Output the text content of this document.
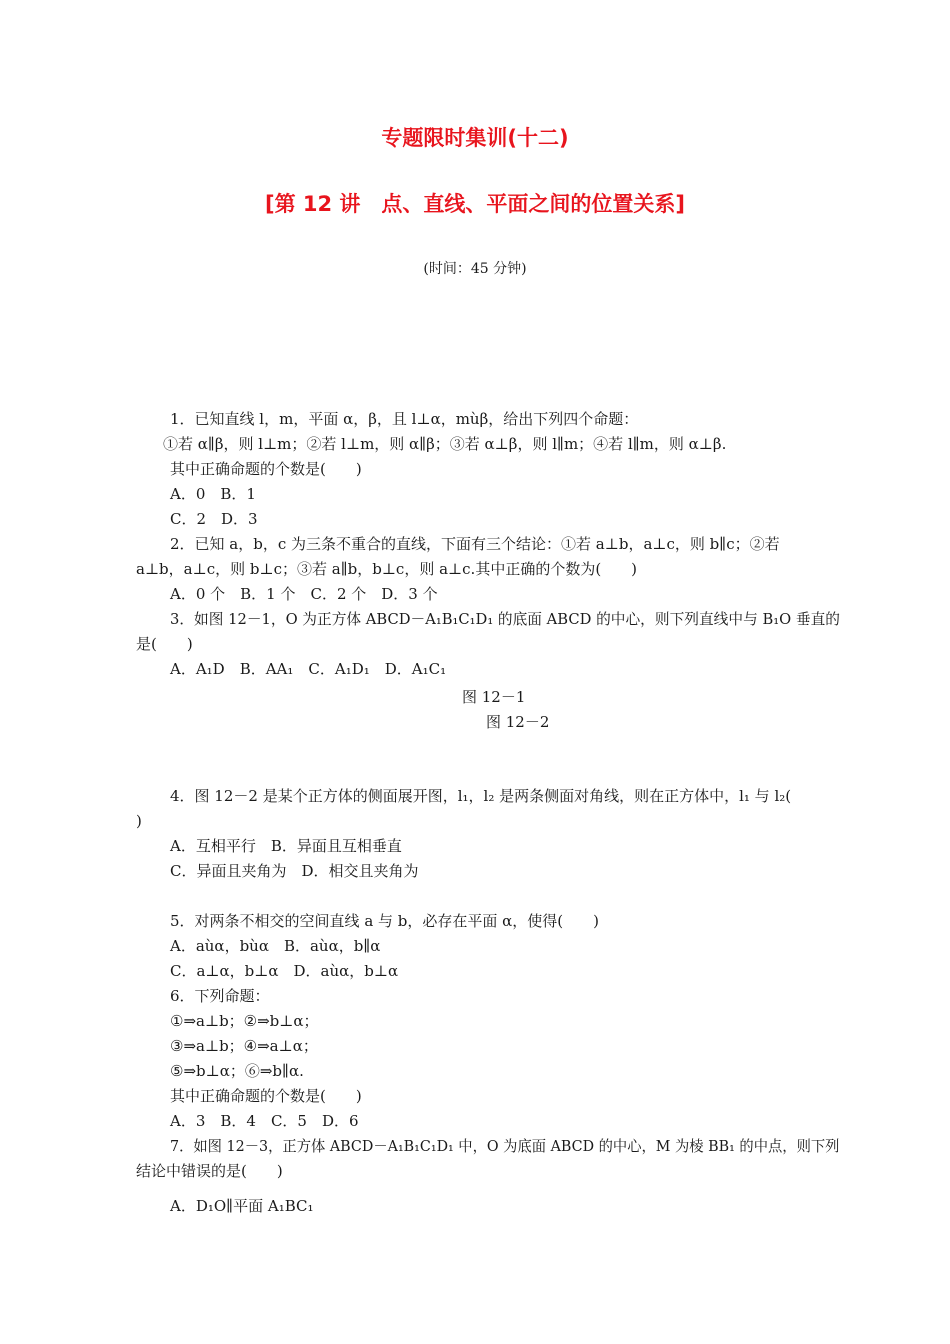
专题限时集训(十二)
[第 12 讲　点、直线、平面之间的位置关系]
(时间：45 分钟)
1．已知直线 l，m，平面 α，β，且 l⊥α，mùβ，给出下列四个命题：
①若 α∥β，则 l⊥m；②若 l⊥m，则 α∥β；③若 α⊥β，则 l∥m；④若 l∥m，则 α⊥β.
其中正确命题的个数是(　　)
A．0　B．1
C．2　D．3
2．已知 a，b，c 为三条不重合的直线，下面有三个结论：①若 a⊥b，a⊥c，则 b∥c；②若
a⊥b，a⊥c，则 b⊥c；③若 a∥b，b⊥c，则 a⊥c.其中正确的个数为(　　)
A．0 个　B．1 个　C．2 个　D．3 个
3．如图 12－1，O 为正方体 ABCD－A₁B₁C₁D₁ 的底面 ABCD 的中心，则下列直线中与 B₁O 垂直的
是(　　)
A．A₁D　B．AA₁　C．A₁D₁　D．A₁C₁
图 12－1
图 12－2
4．图 12－2 是某个正方体的侧面展开图，l₁，l₂ 是两条侧面对角线，则在正方体中，l₁ 与 l₂(
)
A．互相平行　B．异面且互相垂直
C．异面且夹角为　D．相交且夹角为
5．对两条不相交的空间直线 a 与 b，必存在平面 α，使得(　　)
A．aùα，bùα　B．aùα，b∥α
C．a⊥α，b⊥α　D．aùα，b⊥α
6．下列命题：
①⇒a⊥b；②⇒b⊥α；
③⇒a⊥b；④⇒a⊥α；
⑤⇒b⊥α；⑥⇒b∥α.
其中正确命题的个数是(　　)
A．3　B．4　C．5　D．6
7．如图 12－3，正方体 ABCD－A₁B₁C₁D₁ 中，O 为底面 ABCD 的中心，M 为棱 BB₁ 的中点，则下列
结论中错误的是(　　)
A．D₁O∥平面 A₁BC₁
